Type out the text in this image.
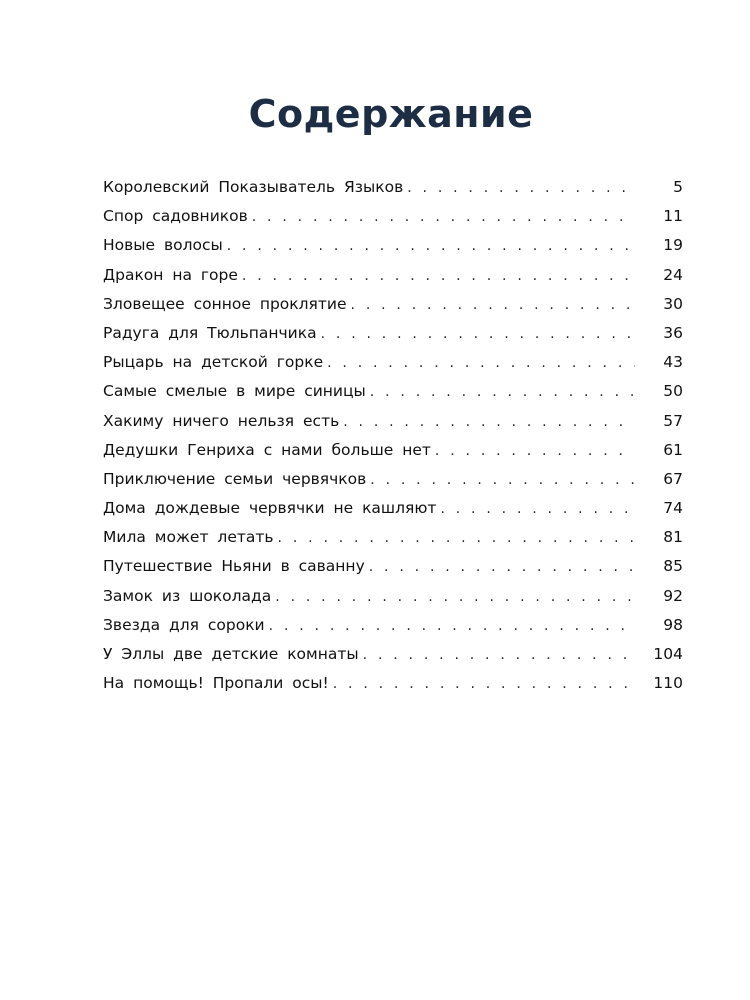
Содержание
Королевский Показыватель Языков . . .	5
Спор садовников . . .	11
Новые волосы . . .	19
Дракон на горе . . .	24
Зловещее сонное проклятие . . .	30
Радуга для Тюльпанчика . . .	36
Рыцарь на детской горке . . .	43
Самые смелые в мире синицы . . .	50
Хакиму ничего нельзя есть . . .	57
Дедушки Генриха с нами больше нет . . .	61
Приключение семьи червячков . . .	67
Дома дождевые червячки не кашляют . . .	74
Мила может летать . . .	81
Путешествие Ньяни в саванну . . .	85
Замок из шоколада . . .	92
Звезда для сороки . . .	98
У Эллы две детские комнаты . . .	104
На помощь! Пропали осы! . . .	110
